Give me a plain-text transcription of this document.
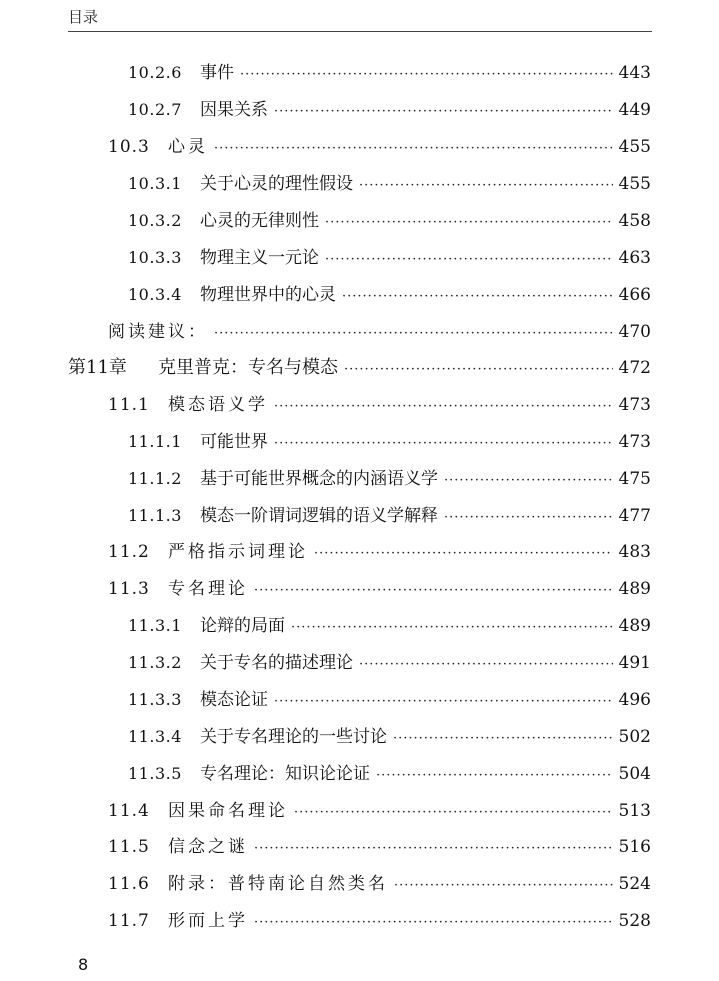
目录
10.2.6	事件 ·····	443
10.2.7	因果关系 ·····	449
10.3	心灵 ·····	455
10.3.1	关于心灵的理性假设 ·····	455
10.3.2	心灵的无律则性 ·····	458
10.3.3	物理主义一元论 ·····	463
10.3.4	物理世界中的心灵 ·····	466
阅读建议： ·····	470
第11章	克里普克：专名与模态 ·····	472
11.1	模态语义学 ·····	473
11.1.1	可能世界 ·····	473
11.1.2	基于可能世界概念的内涵语义学 ·····	475
11.1.3	模态一阶谓词逻辑的语义学解释 ·····	477
11.2	严格指示词理论 ·····	483
11.3	专名理论 ·····	489
11.3.1	论辩的局面 ·····	489
11.3.2	关于专名的描述理论 ·····	491
11.3.3	模态论证 ·····	496
11.3.4	关于专名理论的一些讨论 ·····	502
11.3.5	专名理论：知识论论证 ·····	504
11.4	因果命名理论 ·····	513
11.5	信念之谜 ·····	516
11.6	附录：普特南论自然类名 ·····	524
11.7	形而上学 ·····	528
8
